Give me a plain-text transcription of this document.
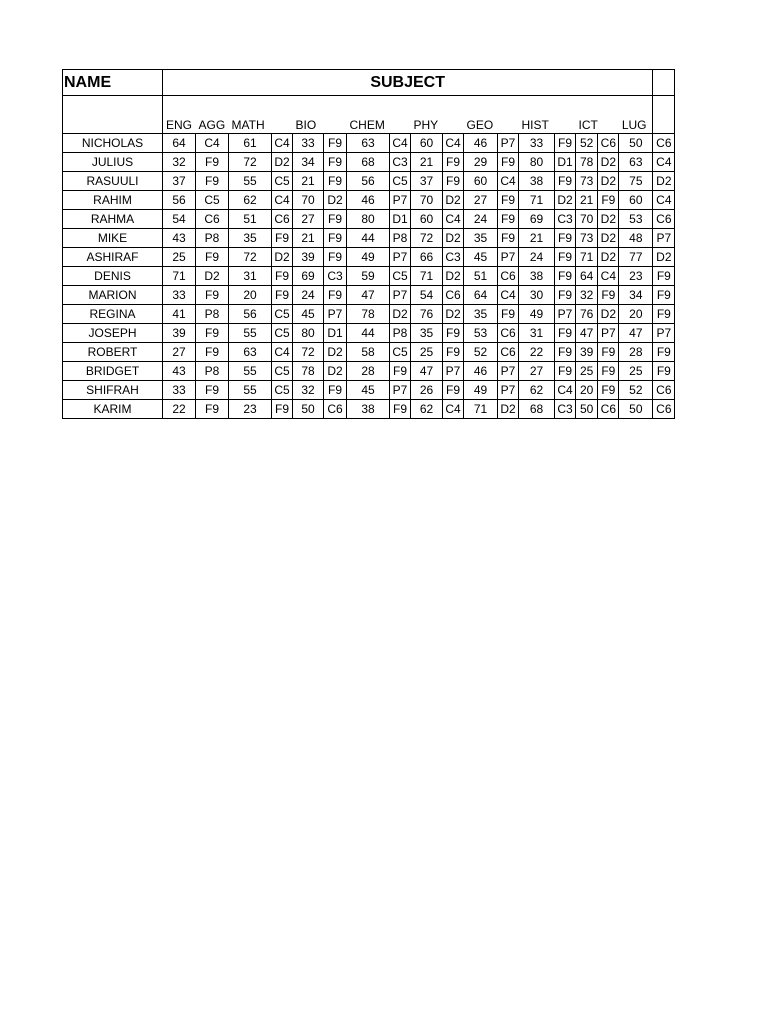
NAME	SUBJECT																	
	ENG	AGG	MATH		BIO		CHEM		PHY		GEO		HIST		ICT		LUG	
NICHOLAS	64	C4	61	C4	33	F9	63	C4	60	C4	46	P7	33	F9	52	C6	50	C6
JULIUS	32	F9	72	D2	34	F9	68	C3	21	F9	29	F9	80	D1	78	D2	63	C4
RASUULI	37	F9	55	C5	21	F9	56	C5	37	F9	60	C4	38	F9	73	D2	75	D2
RAHIM	56	C5	62	C4	70	D2	46	P7	70	D2	27	F9	71	D2	21	F9	60	C4
RAHMA	54	C6	51	C6	27	F9	80	D1	60	C4	24	F9	69	C3	70	D2	53	C6
MIKE	43	P8	35	F9	21	F9	44	P8	72	D2	35	F9	21	F9	73	D2	48	P7
ASHIRAF	25	F9	72	D2	39	F9	49	P7	66	C3	45	P7	24	F9	71	D2	77	D2
DENIS	71	D2	31	F9	69	C3	59	C5	71	D2	51	C6	38	F9	64	C4	23	F9
MARION	33	F9	20	F9	24	F9	47	P7	54	C6	64	C4	30	F9	32	F9	34	F9
REGINA	41	P8	56	C5	45	P7	78	D2	76	D2	35	F9	49	P7	76	D2	20	F9
JOSEPH	39	F9	55	C5	80	D1	44	P8	35	F9	53	C6	31	F9	47	P7	47	P7
ROBERT	27	F9	63	C4	72	D2	58	C5	25	F9	52	C6	22	F9	39	F9	28	F9
BRIDGET	43	P8	55	C5	78	D2	28	F9	47	P7	46	P7	27	F9	25	F9	25	F9
SHIFRAH	33	F9	55	C5	32	F9	45	P7	26	F9	49	P7	62	C4	20	F9	52	C6
KARIM	22	F9	23	F9	50	C6	38	F9	62	C4	71	D2	68	C3	50	C6	50	C6
